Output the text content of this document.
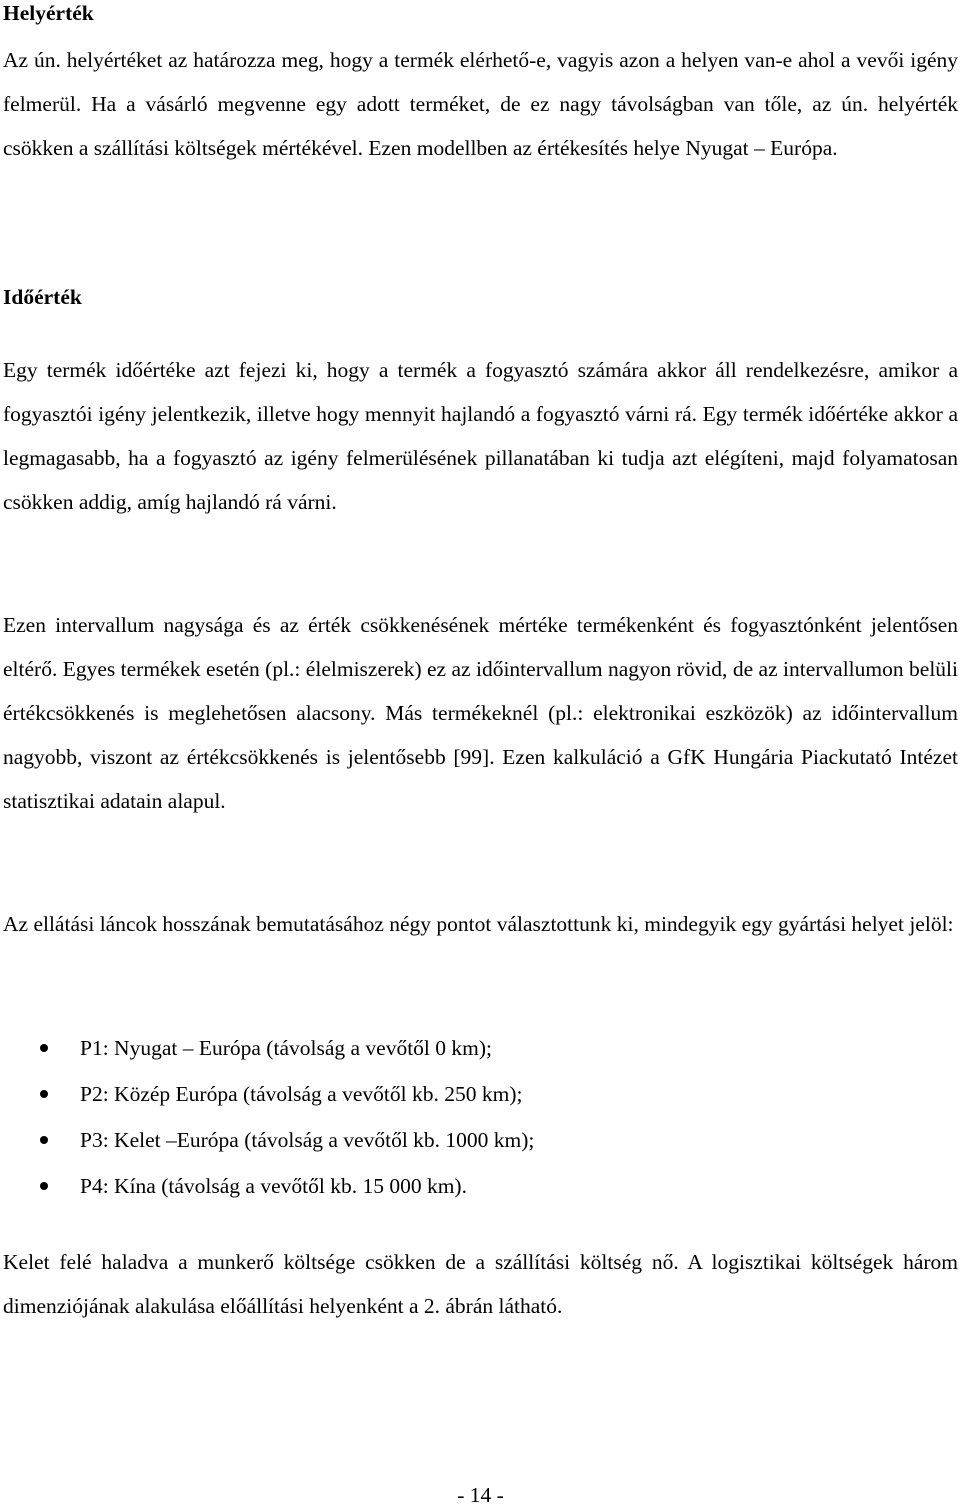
Helyérték

Az ún. helyértéket az határozza meg, hogy a termék elérhető-e, vagyis azon a helyen van-e ahol a vevői igény felmerül. Ha a vásárló megvenne egy adott terméket, de ez nagy távolságban van tőle, az ún. helyérték csökken a szállítási költségek mértékével. Ezen modellben az értékesítés helye Nyugat – Európa.

Időérték

Egy termék időértéke azt fejezi ki, hogy a termék a fogyasztó számára akkor áll rendelkezésre, amikor a fogyasztói igény jelentkezik, illetve hogy mennyit hajlandó a fogyasztó várni rá. Egy termék időértéke akkor a legmagasabb, ha a fogyasztó az igény felmerülésének pillanatában ki tudja azt elégíteni, majd folyamatosan csökken addig, amíg hajlandó rá várni.

Ezen intervallum nagysága és az érték csökkenésének mértéke termékenként és fogyasztónként jelentősen eltérő. Egyes termékek esetén (pl.: élelmiszerek) ez az időintervallum nagyon rövid, de az intervallumon belüli értékcsökkenés is meglehetősen alacsony. Más termékeknél (pl.: elektronikai eszközök) az időintervallum nagyobb, viszont az értékcsökkenés is jelentősebb [99]. Ezen kalkuláció a GfK Hungária Piackutató Intézet statisztikai adatain alapul.

Az ellátási láncok hosszának bemutatásához négy pontot választottunk ki, mindegyik egy gyártási helyet jelöl:

P1: Nyugat – Európa (távolság a vevőtől 0 km);
P2: Közép Európa (távolság a vevőtől kb. 250 km);
P3: Kelet –Európa (távolság a vevőtől kb. 1000 km);
P4: Kína (távolság a vevőtől kb. 15 000 km).

Kelet felé haladva a munkerő költsége csökken de a szállítási költség nő. A logisztikai költségek három dimenziójának alakulása előállítási helyenként a 2. ábrán látható.

- 14 -
